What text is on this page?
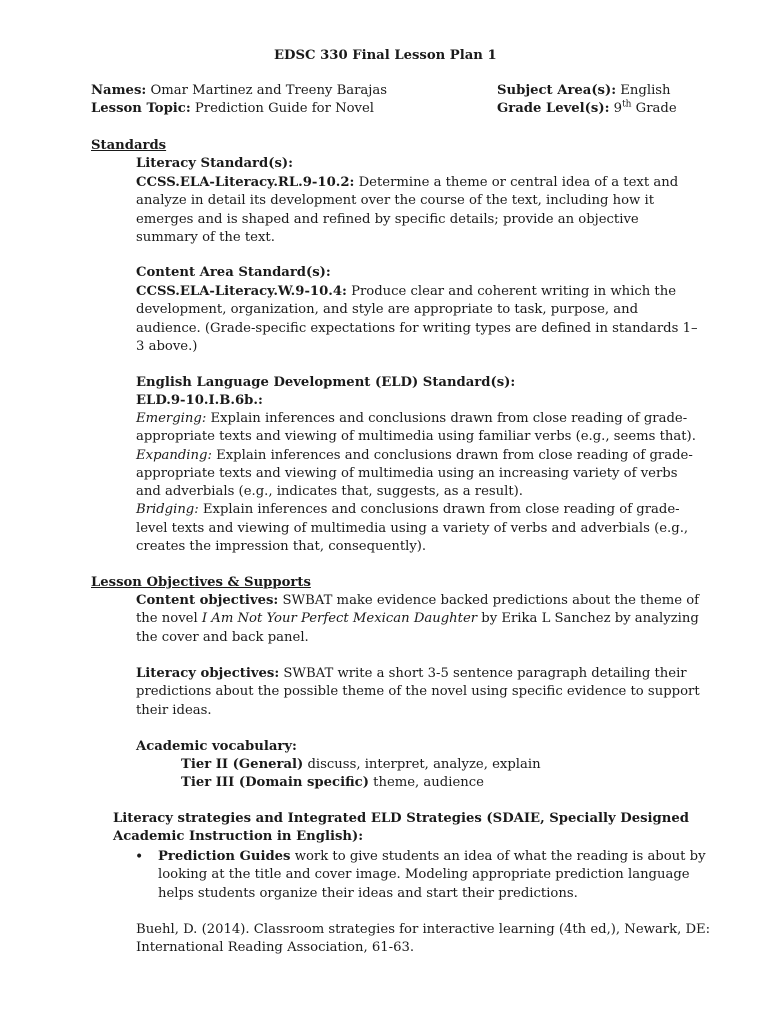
EDSC 330 Final Lesson Plan 1
Names: Omar Martinez and Treeny Barajas
Lesson Topic: Prediction Guide for Novel
Subject Area(s): English
Grade Level(s): 9th Grade
Standards
Literacy Standard(s):
CCSS.ELA-Literacy.RL.9-10.2: Determine a theme or central idea of a text and
analyze in detail its development over the course of the text, including how it
emerges and is shaped and refined by specific details; provide an objective
summary of the text.
Content Area Standard(s):
CCSS.ELA-Literacy.W.9-10.4: Produce clear and coherent writing in which the
development, organization, and style are appropriate to task, purpose, and
audience. (Grade-specific expectations for writing types are defined in standards 1–
3 above.)
English Language Development (ELD) Standard(s):
ELD.9-10.I.B.6b.:
Emerging: Explain inferences and conclusions drawn from close reading of grade-
appropriate texts and viewing of multimedia using familiar verbs (e.g., seems that).
Expanding: Explain inferences and conclusions drawn from close reading of grade-
appropriate texts and viewing of multimedia using an increasing variety of verbs
and adverbials (e.g., indicates that, suggests, as a result).
Bridging: Explain inferences and conclusions drawn from close reading of grade-
level texts and viewing of multimedia using a variety of verbs and adverbials (e.g.,
creates the impression that, consequently).
Lesson Objectives & Supports
Content objectives: SWBAT make evidence backed predictions about the theme of
the novel I Am Not Your Perfect Mexican Daughter by Erika L Sanchez by analyzing
the cover and back panel.
Literacy objectives: SWBAT write a short 3-5 sentence paragraph detailing their
predictions about the possible theme of the novel using specific evidence to support
their ideas.
Academic vocabulary:
Tier II (General) discuss, interpret, analyze, explain
Tier III (Domain specific) theme, audience
Literacy strategies and Integrated ELD Strategies (SDAIE, Specially Designed
Academic Instruction in English):
• Prediction Guides work to give students an idea of what the reading is about by
looking at the title and cover image. Modeling appropriate prediction language
helps students organize their ideas and start their predictions.
Buehl, D. (2014). Classroom strategies for interactive learning (4th ed,), Newark, DE:
International Reading Association, 61-63.
